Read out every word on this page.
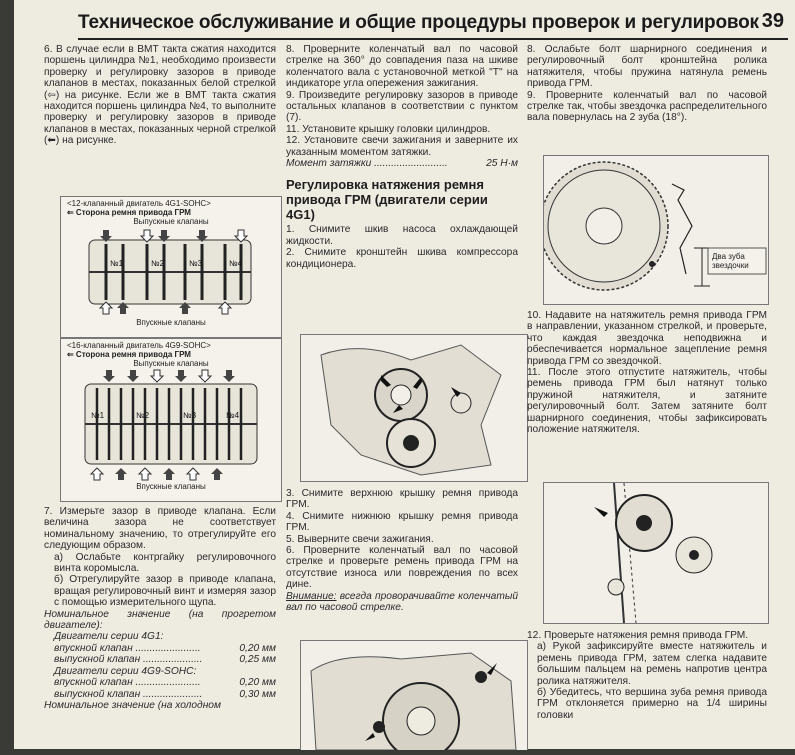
Техническое обслуживание и общие процедуры проверок и регулировок 39

6. В случае если в ВМТ такта сжатия находится поршень цилиндра №1, необходимо произвести проверку и регулировку зазоров в приводе клапанов в местах, показанных белой стрелкой (⇦) на рисунке. Если же в ВМТ такта сжатия находится поршень цилиндра №4, то выполните проверку и регулировку зазоров в приводе клапанов в местах, показанных черной стрелкой (⬅) на рисунке.

<12-клапанный двигатель 4G1-SOHC>
⇐ Сторона ремня привода ГРМ
Выпускные клапаны
№1	№2	№3	№4
Впускные клапаны
<16-клапанный двигатель 4G9-SOHC>
⇐ Сторона ремня привода ГРМ
Выпускные клапаны
№1	№2	№3	№4
Впускные клапаны

7. Измерьте зазор в приводе клапана. Если величина зазора не соответствует номинальному значению, то отрегулируйте его следующим образом.

а) Ослабьте контргайку регулировочного винта коромысла.

б) Отрегулируйте зазор в приводе клапана, вращая регулировочный винт и измеряя зазор с помощью измерительного щупа.

Номинальное значение (на прогретом двигателе):

Двигатели серии 4G1:

впускной клапан .......................	0,20 мм
выпускной клапан .....................	0,25 мм

Двигатели серии 4G9-SOHC:

впускной клапан .......................	0,20 мм
выпускной клапан .....................	0,30 мм

Номинальное значение (на холодном

8. Проверните коленчатый вал по часовой стрелке на 360° до совпадения паза на шкиве коленчатого вала с установочной меткой "T" на индикаторе угла опережения зажигания.

9. Произведите регулировку зазоров в приводе остальных клапанов в соответствии с пунктом (7).

11. Установите крышку головки цилиндров.

12. Установите свечи зажигания и заверните их указанным моментом затяжки.

Момент затяжки ..........................	25 Н·м
Регулировка натяжения ремня привода ГРМ (двигатели серии 4G1)

1. Снимите шкив насоса охлаждающей жидкости.

2. Снимите кронштейн шкива компрессора кондиционера.

3. Снимите верхнюю крышку ремня привода ГРМ.

4. Снимите нижнюю крышку ремня привода ГРМ.

5. Выверните свечи зажигания.

6. Проверните коленчатый вал по часовой стрелке и проверьте ремень привода ГРМ на отсутствие износа или повреждения по всех дине.

Внимание: всегда проворачивайте коленчатый вал по часовой стрелке.

8. Ослабьте болт шарнирного соединения и регулировочный болт кронштейна ролика натяжителя, чтобы пружина натянула ремень привода ГРМ.

9. Проверните коленчатый вал по часовой стрелке так, чтобы звездочка распределительного вала повернулась на 2 зуба (18°).

Два зуба звездочки

10. Надавите на натяжитель ремня привода ГРМ в направлении, указанном стрелкой, и проверьте, что каждая звездочка неподвижна и обеспечивается нормальное зацепление ремня привода ГРМ со звездочкой.

11. После этого отпустите натяжитель, чтобы ремень привода ГРМ был натянут только пружиной натяжителя, и затяните регулировочный болт. Затем затяните болт шарнирного соединения, чтобы зафиксировать положение натяжителя.

12. Проверьте натяжения ремня привода ГРМ.

а) Рукой зафиксируйте вместе натяжитель и ремень привода ГРМ, затем слегка надавите большим пальцем на ремень напротив центра ролика натяжителя.

б) Убедитесь, что вершина зуба ремня привода ГРМ отклоняется примерно на 1/4 ширины головки
